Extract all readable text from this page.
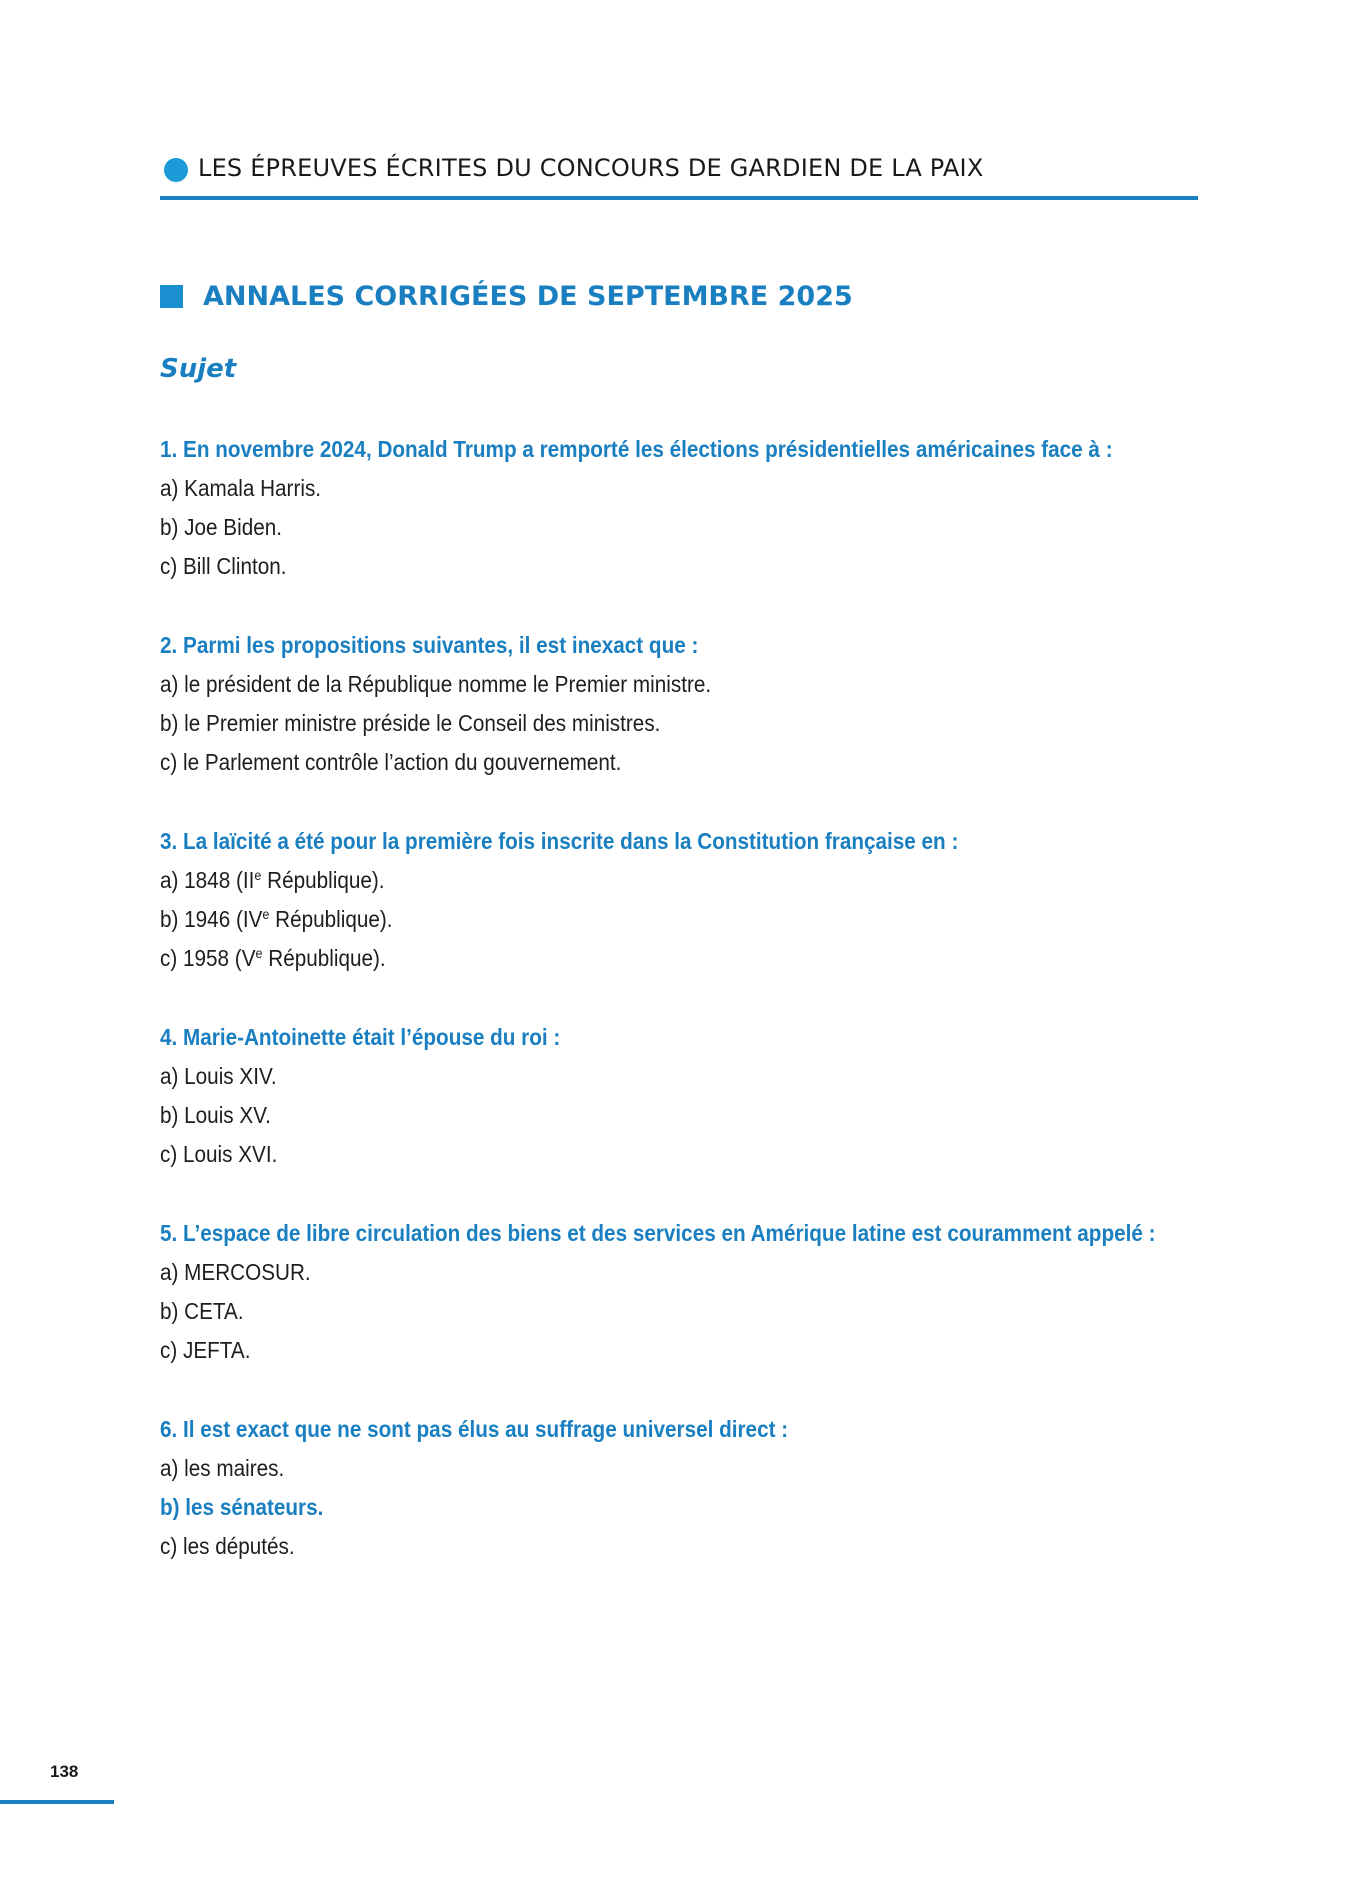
LES ÉPREUVES ÉCRITES DU CONCOURS DE GARDIEN DE LA PAIX
ANNALES CORRIGÉES DE SEPTEMBRE 2025
Sujet
1. En novembre 2024, Donald Trump a remporté les élections présidentielles américaines face à :
a) Kamala Harris.
b) Joe Biden.
c) Bill Clinton.
2. Parmi les propositions suivantes, il est inexact que :
a) le président de la République nomme le Premier ministre.
b) le Premier ministre préside le Conseil des ministres.
c) le Parlement contrôle l’action du gouvernement.
3. La laïcité a été pour la première fois inscrite dans la Constitution française en :
a) 1848 (IIe République).
b) 1946 (IVe République).
c) 1958 (Ve République).
4. Marie-Antoinette était l’épouse du roi :
a) Louis XIV.
b) Louis XV.
c) Louis XVI.
5. L’espace de libre circulation des biens et des services en Amérique latine est couramment appelé :
a) MERCOSUR.
b) CETA.
c) JEFTA.
6. Il est exact que ne sont pas élus au suffrage universel direct :
a) les maires.
b) les sénateurs.
c) les députés.
138
